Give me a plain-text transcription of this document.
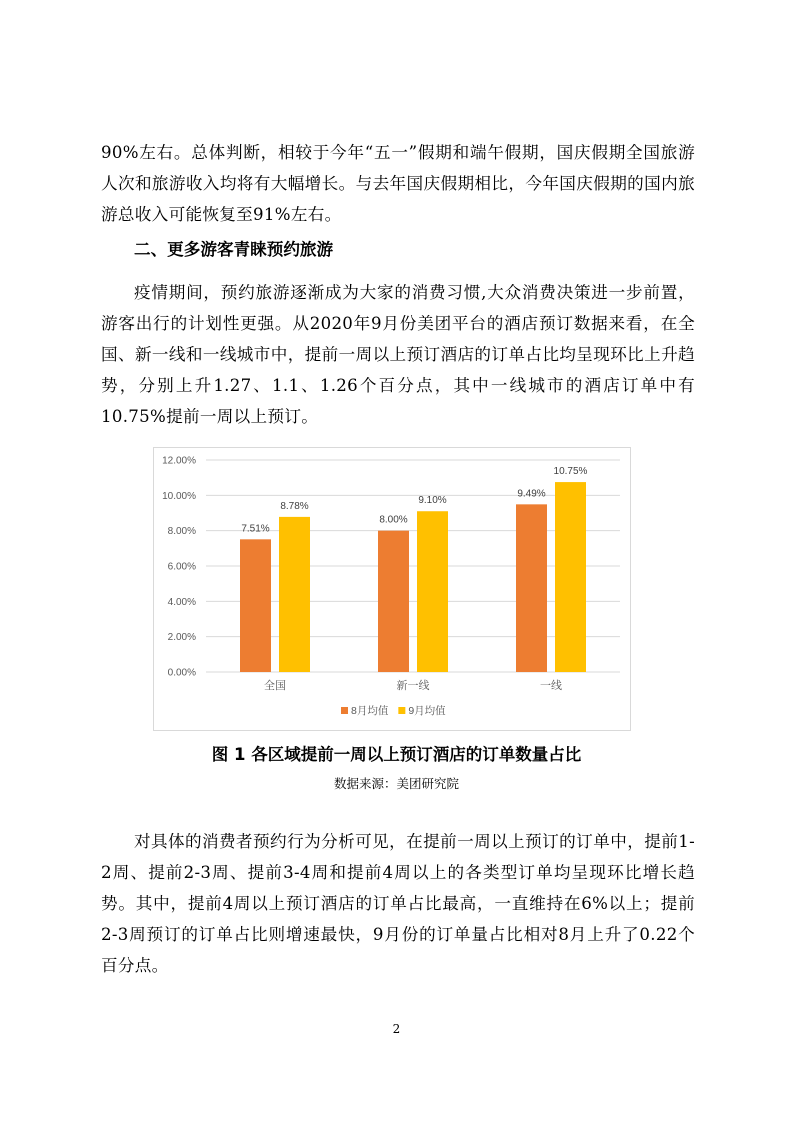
90%左右。总体判断，相较于今年“五一”假期和端午假期，国庆假期全国旅游人次和旅游收入均将有大幅增长。与去年国庆假期相比，今年国庆假期的国内旅游总收入可能恢复至91%左右。

二、更多游客青睐预约旅游

疫情期间，预约旅游逐渐成为大家的消费习惯,大众消费决策进一步前置，游客出行的计划性更强。从2020年9月份美团平台的酒店预订数据来看，在全国、新一线和一线城市中，提前一周以上预订酒店的订单占比均呈现环比上升趋势，分别上升1.27、1.1、1.26个百分点，其中一线城市的酒店订单中有10.75%提前一周以上预订。

0.00%
2.00%
4.00%
6.00%
8.00%
10.00%
12.00%
7.51%
8.78%
全国
8.00%
9.10%
新一线
9.49%
10.75%
一线
8月均值 9月均值

图 1 各区域提前一周以上预订酒店的订单数量占比

数据来源：美团研究院

对具体的消费者预约行为分析可见，在提前一周以上预订的订单中，提前1-2周、提前2-3周、提前3-4周和提前4周以上的各类型订单均呈现环比增长趋势。其中，提前4周以上预订酒店的订单占比最高，一直维持在6%以上；提前2-3周预订的订单占比则增速最快，9月份的订单量占比相对8月上升了0.22个百分点。

2
